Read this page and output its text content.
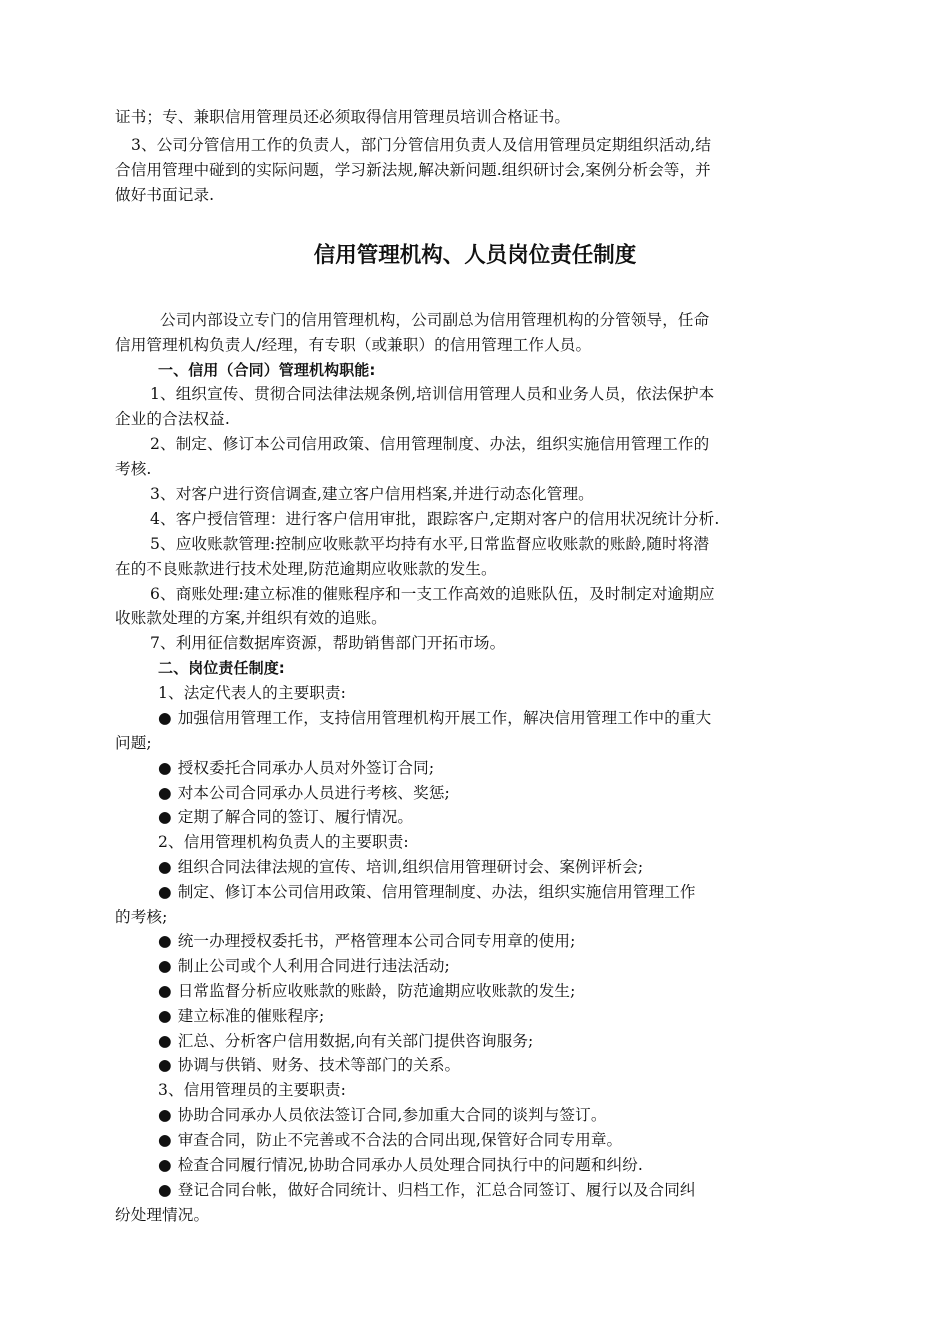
证书；专、兼职信用管理员还必须取得信用管理员培训合格证书。
3、公司分管信用工作的负责人，部门分管信用负责人及信用管理员定期组织活动,结
合信用管理中碰到的实际问题，学习新法规,解决新问题.组织研讨会,案例分析会等，并
做好书面记录.
信用管理机构、人员岗位责任制度
公司内部设立专门的信用管理机构，公司副总为信用管理机构的分管领导，任命
信用管理机构负责人/经理，有专职（或兼职）的信用管理工作人员。
一、信用（合同）管理机构职能:
1、组织宣传、贯彻合同法律法规条例,培训信用管理人员和业务人员，依法保护本
企业的合法权益.
2、制定、修订本公司信用政策、信用管理制度、办法，组织实施信用管理工作的
考核.
3、对客户进行资信调查,建立客户信用档案,并进行动态化管理。
4、客户授信管理：进行客户信用审批，跟踪客户,定期对客户的信用状况统计分析.
5、应收账款管理:控制应收账款平均持有水平,日常监督应收账款的账龄,随时将潜
在的不良账款进行技术处理,防范逾期应收账款的发生。
6、商账处理:建立标准的催账程序和一支工作高效的追账队伍，及时制定对逾期应
收账款处理的方案,并组织有效的追账。
7、利用征信数据库资源，帮助销售部门开拓市场。
二、岗位责任制度:
1、法定代表人的主要职责:
● 加强信用管理工作，支持信用管理机构开展工作，解决信用管理工作中的重大
问题;
● 授权委托合同承办人员对外签订合同;
● 对本公司合同承办人员进行考核、奖惩;
● 定期了解合同的签订、履行情况。
2、信用管理机构负责人的主要职责:
● 组织合同法律法规的宣传、培训,组织信用管理研讨会、案例评析会;
● 制定、修订本公司信用政策、信用管理制度、办法，组织实施信用管理工作
的考核;
● 统一办理授权委托书，严格管理本公司合同专用章的使用;
● 制止公司或个人利用合同进行违法活动;
● 日常监督分析应收账款的账龄，防范逾期应收账款的发生;
● 建立标准的催账程序;
● 汇总、分析客户信用数据,向有关部门提供咨询服务;
● 协调与供销、财务、技术等部门的关系。
3、信用管理员的主要职责:
● 协助合同承办人员依法签订合同,参加重大合同的谈判与签订。
● 审查合同，防止不完善或不合法的合同出现,保管好合同专用章。
● 检查合同履行情况,协助合同承办人员处理合同执行中的问题和纠纷.
● 登记合同台帐，做好合同统计、归档工作，汇总合同签订、履行以及合同纠
纷处理情况。
